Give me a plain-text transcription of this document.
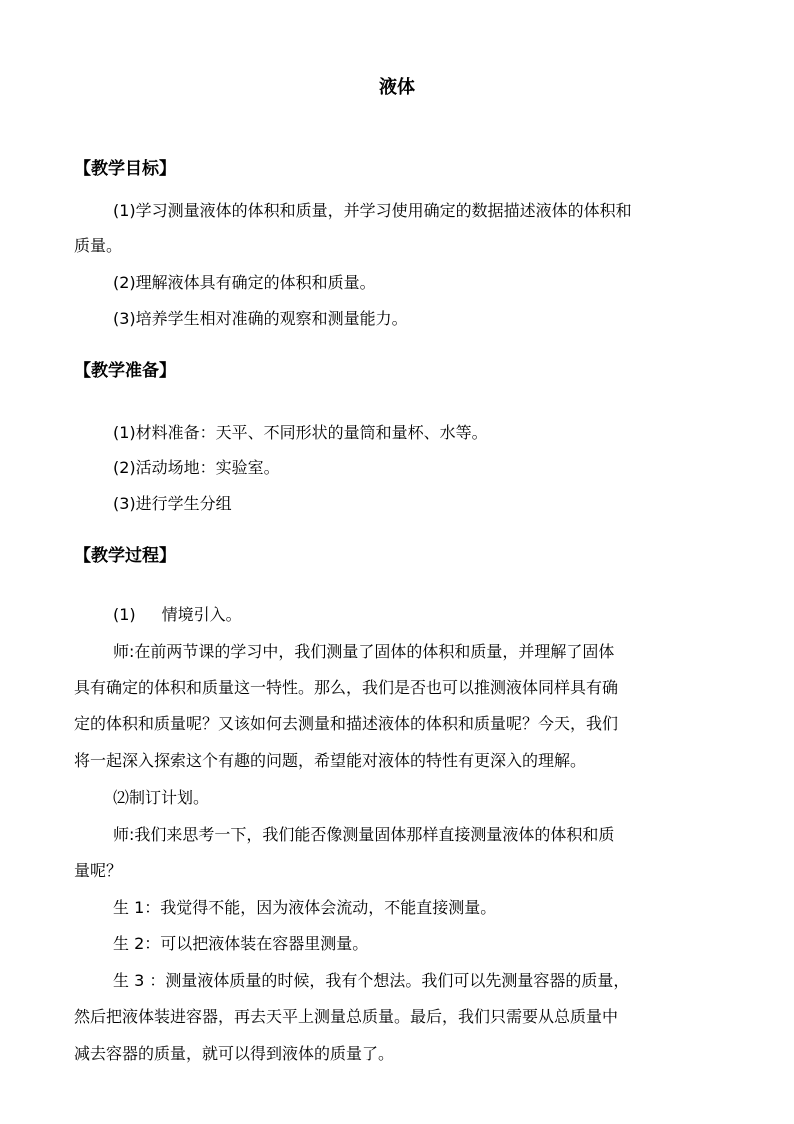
液体
【教学目标】
(1)学习测量液体的体积和质量，并学习使用确定的数据描述液体的体积和
质量。
(2)理解液体具有确定的体积和质量。
(3)培养学生相对准确的观察和测量能力。
【教学准备】
(1)材料准备：天平、不同形状的量筒和量杯、水等。
(2)活动场地：实验室。
(3)进行学生分组
【教学过程】
(1) 情境引入。
师:在前两节课的学习中，我们测量了固体的体积和质量，并理解了固体
具有确定的体积和质量这一特性。那么，我们是否也可以推测液体同样具有确
定的体积和质量呢？又该如何去测量和描述液体的体积和质量呢？今天，我们
将一起深入探索这个有趣的问题，希望能对液体的特性有更深入的理解。
⑵制订计划。
师:我们来思考一下，我们能否像测量固体那样直接测量液体的体积和质
量呢？
生 1：我觉得不能，因为液体会流动，不能直接测量。
生 2：可以把液体装在容器里测量。
生 3 ：测量液体质量的时候，我有个想法。我们可以先测量容器的质量，
然后把液体装进容器，再去天平上测量总质量。最后，我们只需要从总质量中
减去容器的质量，就可以得到液体的质量了。
